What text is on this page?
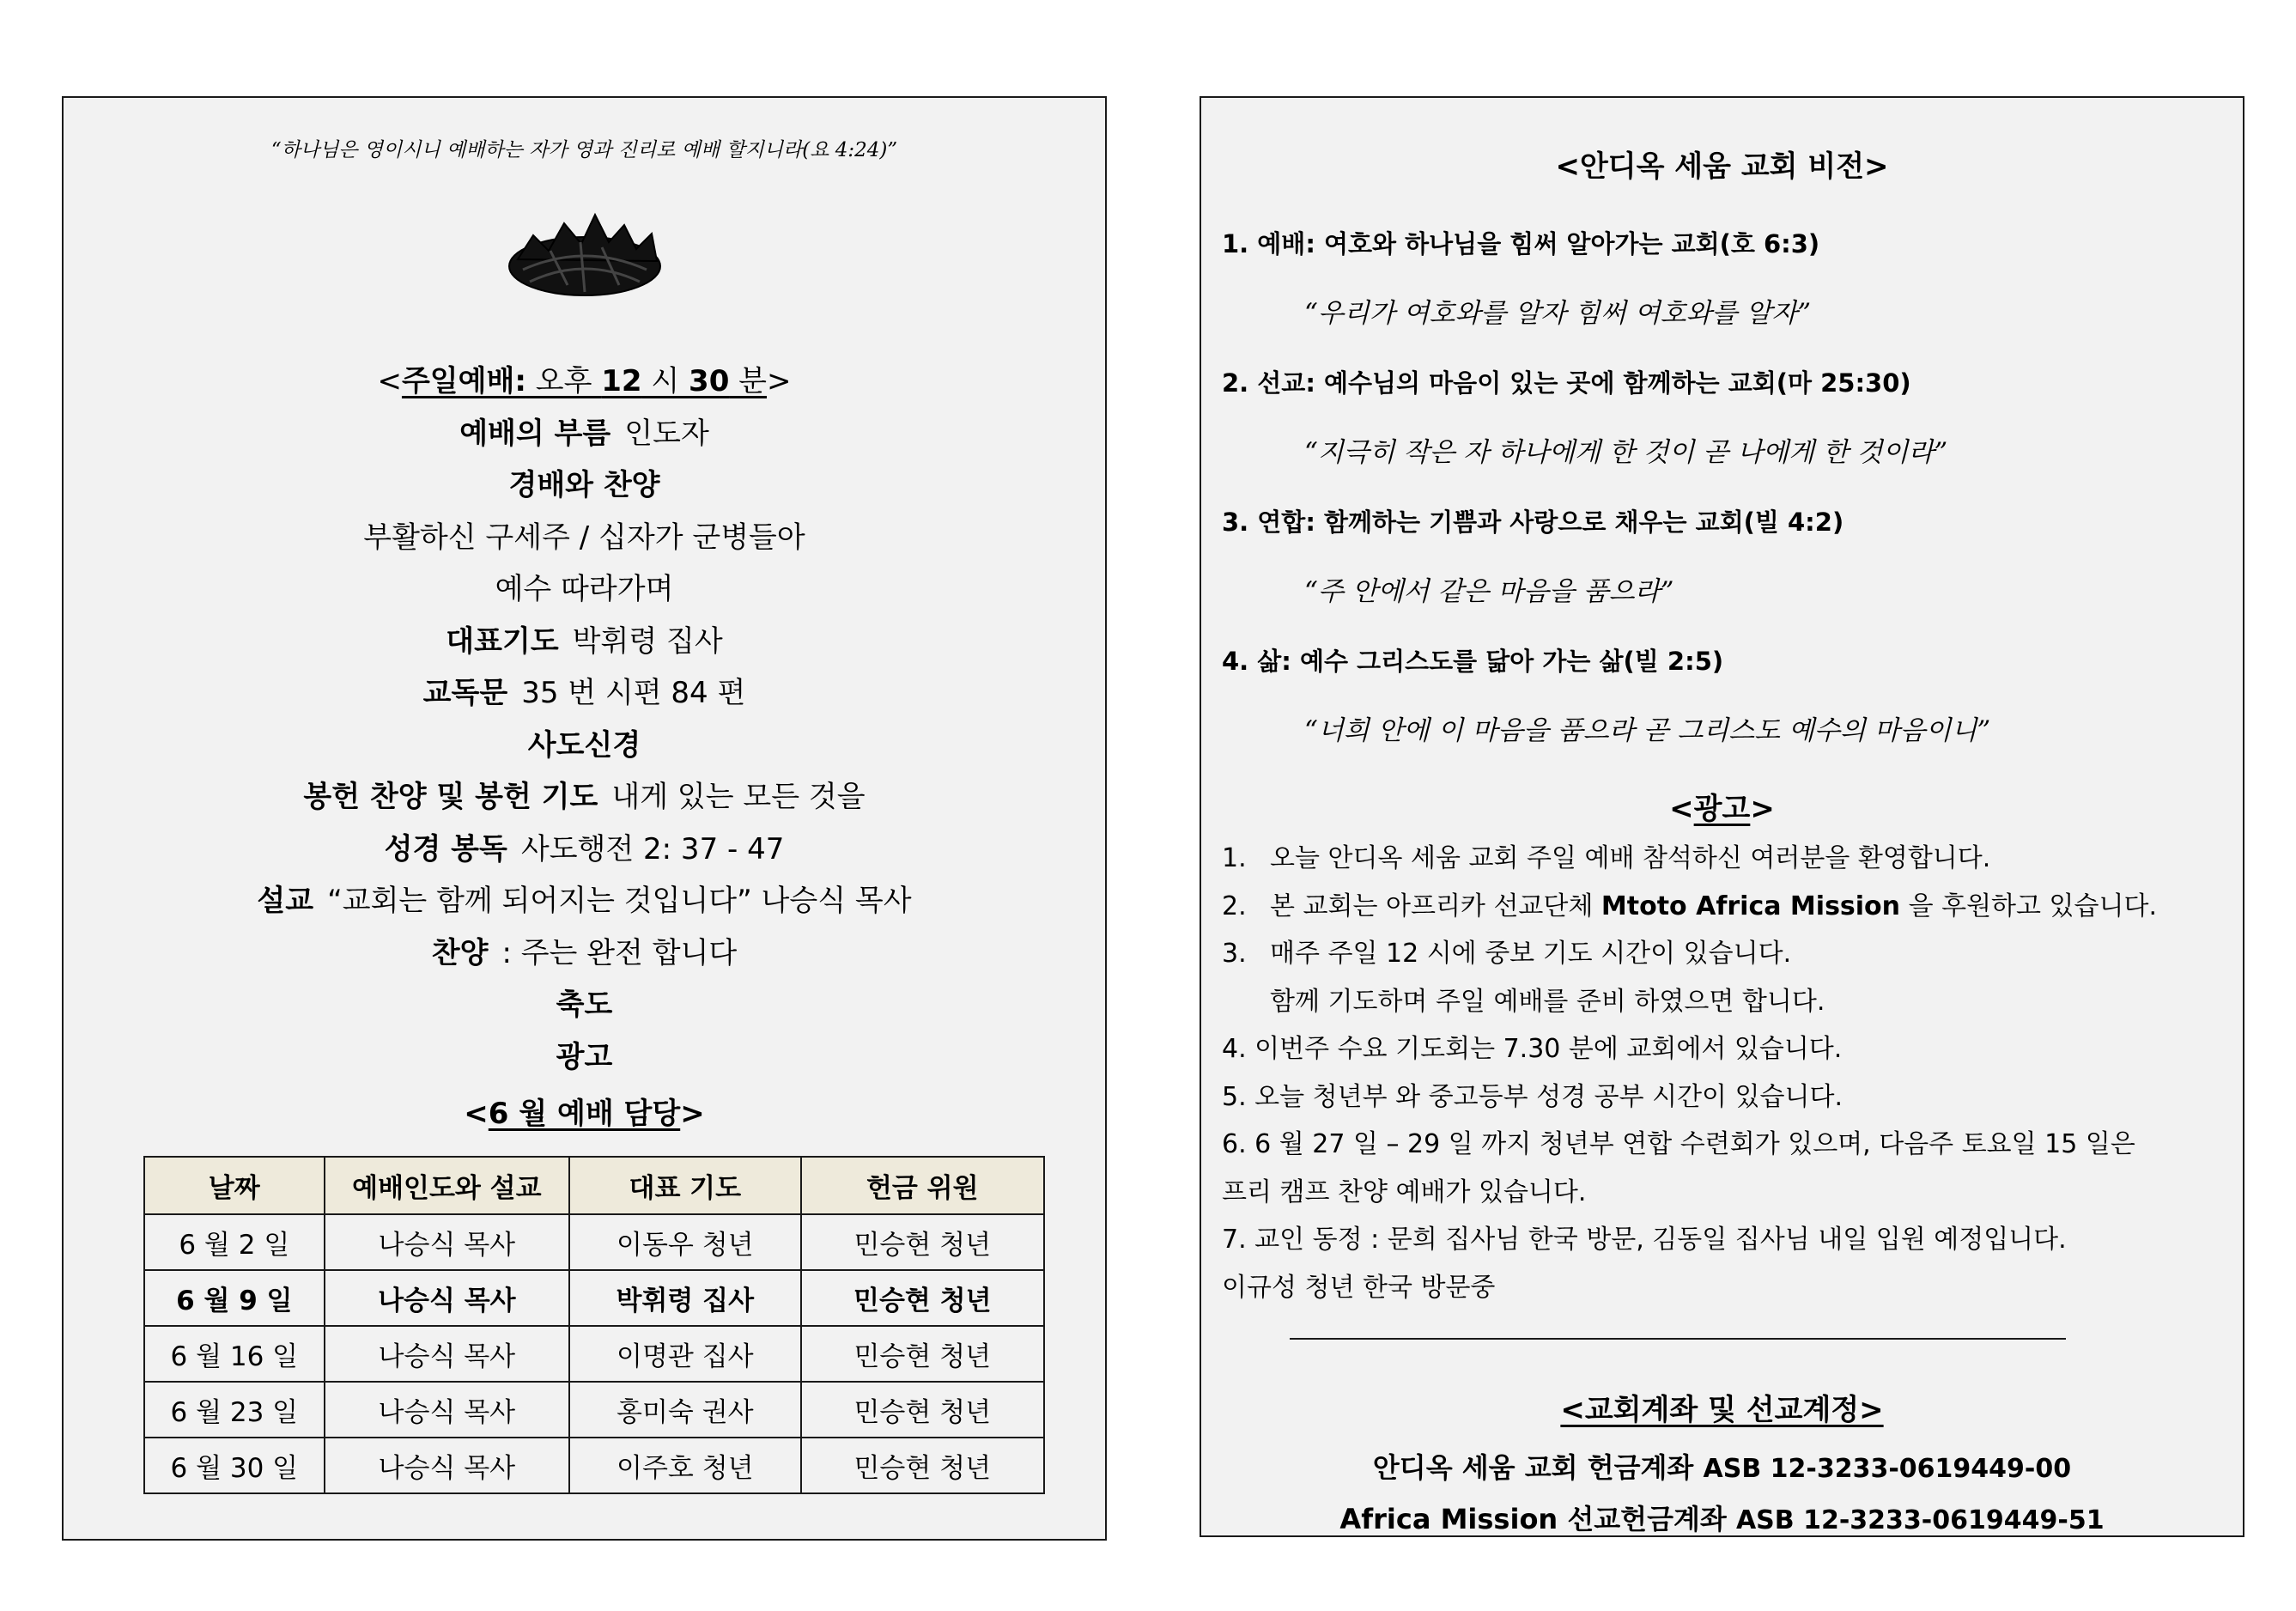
“하나님은 영이시니 예배하는 자가 영과 진리로 예배 할지니라(요 4:24)”
<주일예배: 오후 12 시 30 분>
예배의 부름 인도자
경배와 찬양
부활하신 구세주 / 십자가 군병들아
예수 따라가며
대표기도 박휘령 집사
교독문 35 번 시편 84 편
사도신경
봉헌 찬양 및 봉헌 기도 내게 있는 모든 것을
성경 봉독 사도행전 2: 37 - 47
설교 “교회는 함께 되어지는 것입니다” 나승식 목사
찬양 : 주는 완전 합니다
축도
광고
<6 월 예배 담당>
날짜	예배인도와 설교	대표 기도	헌금 위원
6 월 2 일	나승식 목사	이동우 청년	민승현 청년
6 월 9 일	나승식 목사	박휘령 집사	민승현 청년
6 월 16 일	나승식 목사	이명관 집사	민승현 청년
6 월 23 일	나승식 목사	홍미숙 권사	민승현 청년
6 월 30 일	나승식 목사	이주호 청년	민승현 청년
<안디옥 세움 교회 비전>
1. 예배: 여호와 하나님을 힘써 알아가는 교회(호 6:3)
“우리가 여호와를 알자 힘써 여호와를 알자”
2. 선교: 예수님의 마음이 있는 곳에 함께하는 교회(마 25:30)
“지극히 작은 자 하나에게 한 것이 곧 나에게 한 것이라”
3. 연합: 함께하는 기쁨과 사랑으로 채우는 교회(빌 4:2)
“주 안에서 같은 마음을 품으라”
4. 삶: 예수 그리스도를 닮아 가는 삶(빌 2:5)
“너희 안에 이 마음을 품으라 곧 그리스도 예수의 마음이니”
<광고>
1. 오늘 안디옥 세움 교회 주일 예배 참석하신 여러분을 환영합니다.
2. 본 교회는 아프리카 선교단체 Mtoto Africa Mission 을 후원하고 있습니다.
3. 매주 주일 12 시에 중보 기도 시간이 있습니다.
함께 기도하며 주일 예배를 준비 하였으면 합니다.
4. 이번주 수요 기도회는 7.30 분에 교회에서 있습니다.
5. 오늘 청년부 와 중고등부 성경 공부 시간이 있습니다.
6. 6 월 27 일 – 29 일 까지 청년부 연합 수련회가 있으며, 다음주 토요일 15 일은
프리 캠프 찬양 예배가 있습니다.
7. 교인 동정 : 문희 집사님 한국 방문, 김동일 집사님 내일 입원 예정입니다.
이규성 청년 한국 방문중
<교회계좌 및 선교계정>
안디옥 세움 교회 헌금계좌 ASB 12-3233-0619449-00
Africa Mission 선교헌금계좌 ASB 12-3233-0619449-51
